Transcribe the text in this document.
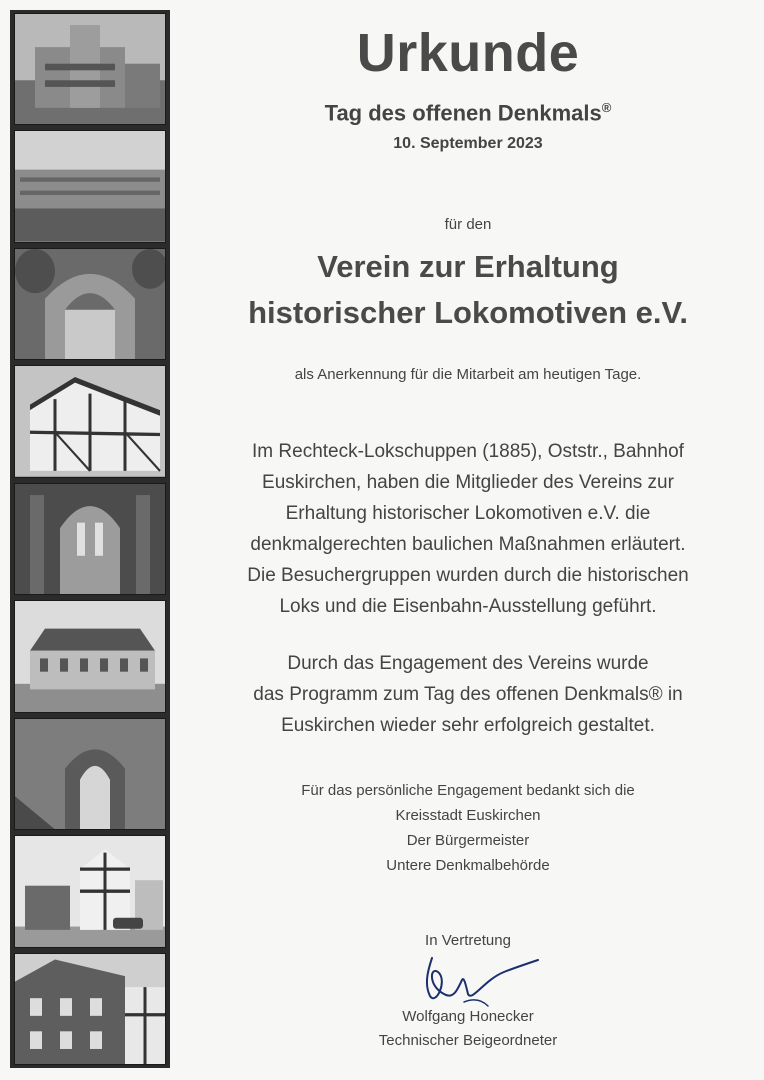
Urkunde
Tag des offenen Denkmals®
10. September 2023
für den
Verein zur Erhaltung
historischer Lokomotiven e.V.
als Anerkennung für die Mitarbeit am heutigen Tage.
Im Rechteck-Lokschuppen (1885), Oststr., Bahnhof
Euskirchen, haben die Mitglieder des Vereins zur
Erhaltung historischer Lokomotiven e.V. die
denkmalgerechten baulichen Maßnahmen erläutert.
Die Besuchergruppen wurden durch die historischen
Loks und die Eisenbahn-Ausstellung geführt.
Durch das Engagement des Vereins wurde
das Programm zum Tag des offenen Denkmals® in
Euskirchen wieder sehr erfolgreich gestaltet.
Für das persönliche Engagement bedankt sich die
Kreisstadt Euskirchen
Der Bürgermeister
Untere Denkmalbehörde
In Vertretung
Wolfgang Honecker
Technischer Beigeordneter
